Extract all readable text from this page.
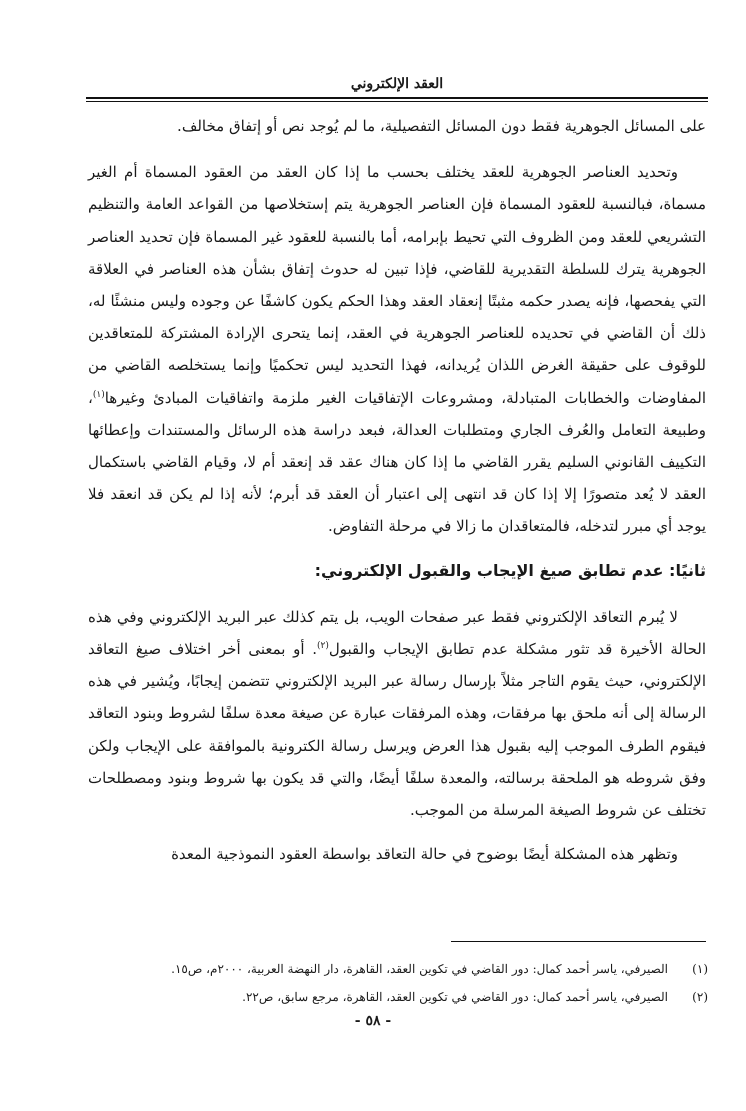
العقد الإلكتروني

على المسائل الجوهرية فقط دون المسائل التفصيلية، ما لم يُوجد نص أو إتفاق مخالف.

وتحديد العناصر الجوهرية للعقد يختلف بحسب ما إذا كان العقد من العقود المسماة أم الغير مسماة، فبالنسبة للعقود المسماة فإن العناصر الجوهرية يتم إستخلاصها من القواعد العامة والتنظيم التشريعي للعقد ومن الظروف التي تحيط بإبرامه، أما بالنسبة للعقود غير المسماة فإن تحديد العناصر الجوهرية يترك للسلطة التقديرية للقاضي، فإذا تبين له حدوث إتفاق بشأن هذه العناصر في العلاقة التي يفحصها، فإنه يصدر حكمه مثبتًا إنعقاد العقد وهذا الحكم يكون كاشفًا عن وجوده وليس منشئًا له، ذلك أن القاضي في تحديده للعناصر الجوهرية في العقد، إنما يتحرى الإرادة المشتركة للمتعاقدين للوقوف على حقيقة الغرض اللذان يُريدانه، فهذا التحديد ليس تحكميًا وإنما يستخلصه القاضي من المفاوضات والخطابات المتبادلة، ومشروعات الإتفاقيات الغير ملزمة واتفاقيات المبادئ وغيرها$^{(١)}$، وطبيعة التعامل والعُرف الجاري ومتطلبات العدالة، فبعد دراسة هذه الرسائل والمستندات وإعطائها التكييف القانوني السليم يقرر القاضي ما إذا كان هناك عقد قد إنعقد أم لا، وقيام القاضي باستكمال العقد لا يُعد متصورًا إلا إذا كان قد انتهى إلى اعتبار أن العقد قد أبرم؛ لأنه إذا لم يكن قد انعقد فلا يوجد أي مبرر لتدخله، فالمتعاقدان ما زالا في مرحلة التفاوض.

ثانيًا: عدم تطابق صيغ الإيجاب والقبول الإلكتروني:

لا يُبرم التعاقد الإلكتروني فقط عبر صفحات الويب، بل يتم كذلك عبر البريد الإلكتروني وفي هذه الحالة الأخيرة قد تثور مشكلة عدم تطابق الإيجاب والقبول$^{(٢)}$. أو بمعنى أخر اختلاف صيغ التعاقد الإلكتروني، حيث يقوم التاجر مثلاً بإرسال رسالة عبر البريد الإلكتروني تتضمن إيجابًا، ويُشير في هذه الرسالة إلى أنه ملحق بها مرفقات، وهذه المرفقات عبارة عن صيغة معدة سلفًا لشروط وبنود التعاقد فيقوم الطرف الموجب إليه بقبول هذا العرض ويرسل رسالة الكترونية بالموافقة على الإيجاب ولكن وفق شروطه هو الملحقة برسالته، والمعدة سلفًا أيضًا، والتي قد يكون بها شروط وبنود ومصطلحات تختلف عن شروط الصيغة المرسلة من الموجب.

وتظهر هذه المشكلة أيضًا بوضوح في حالة التعاقد بواسطة العقود النموذجية المعدة

(١)
الصيرفي، ياسر أحمد كمال: دور القاضي في تكوين العقد، القاهرة، دار النهضة العربية، ٢٠٠٠م، ص١٥.
(٢)
الصيرفي، ياسر أحمد كمال: دور القاضي في تكوين العقد، القاهرة، مرجع سابق، ص٢٢.
- ٥٨ -
